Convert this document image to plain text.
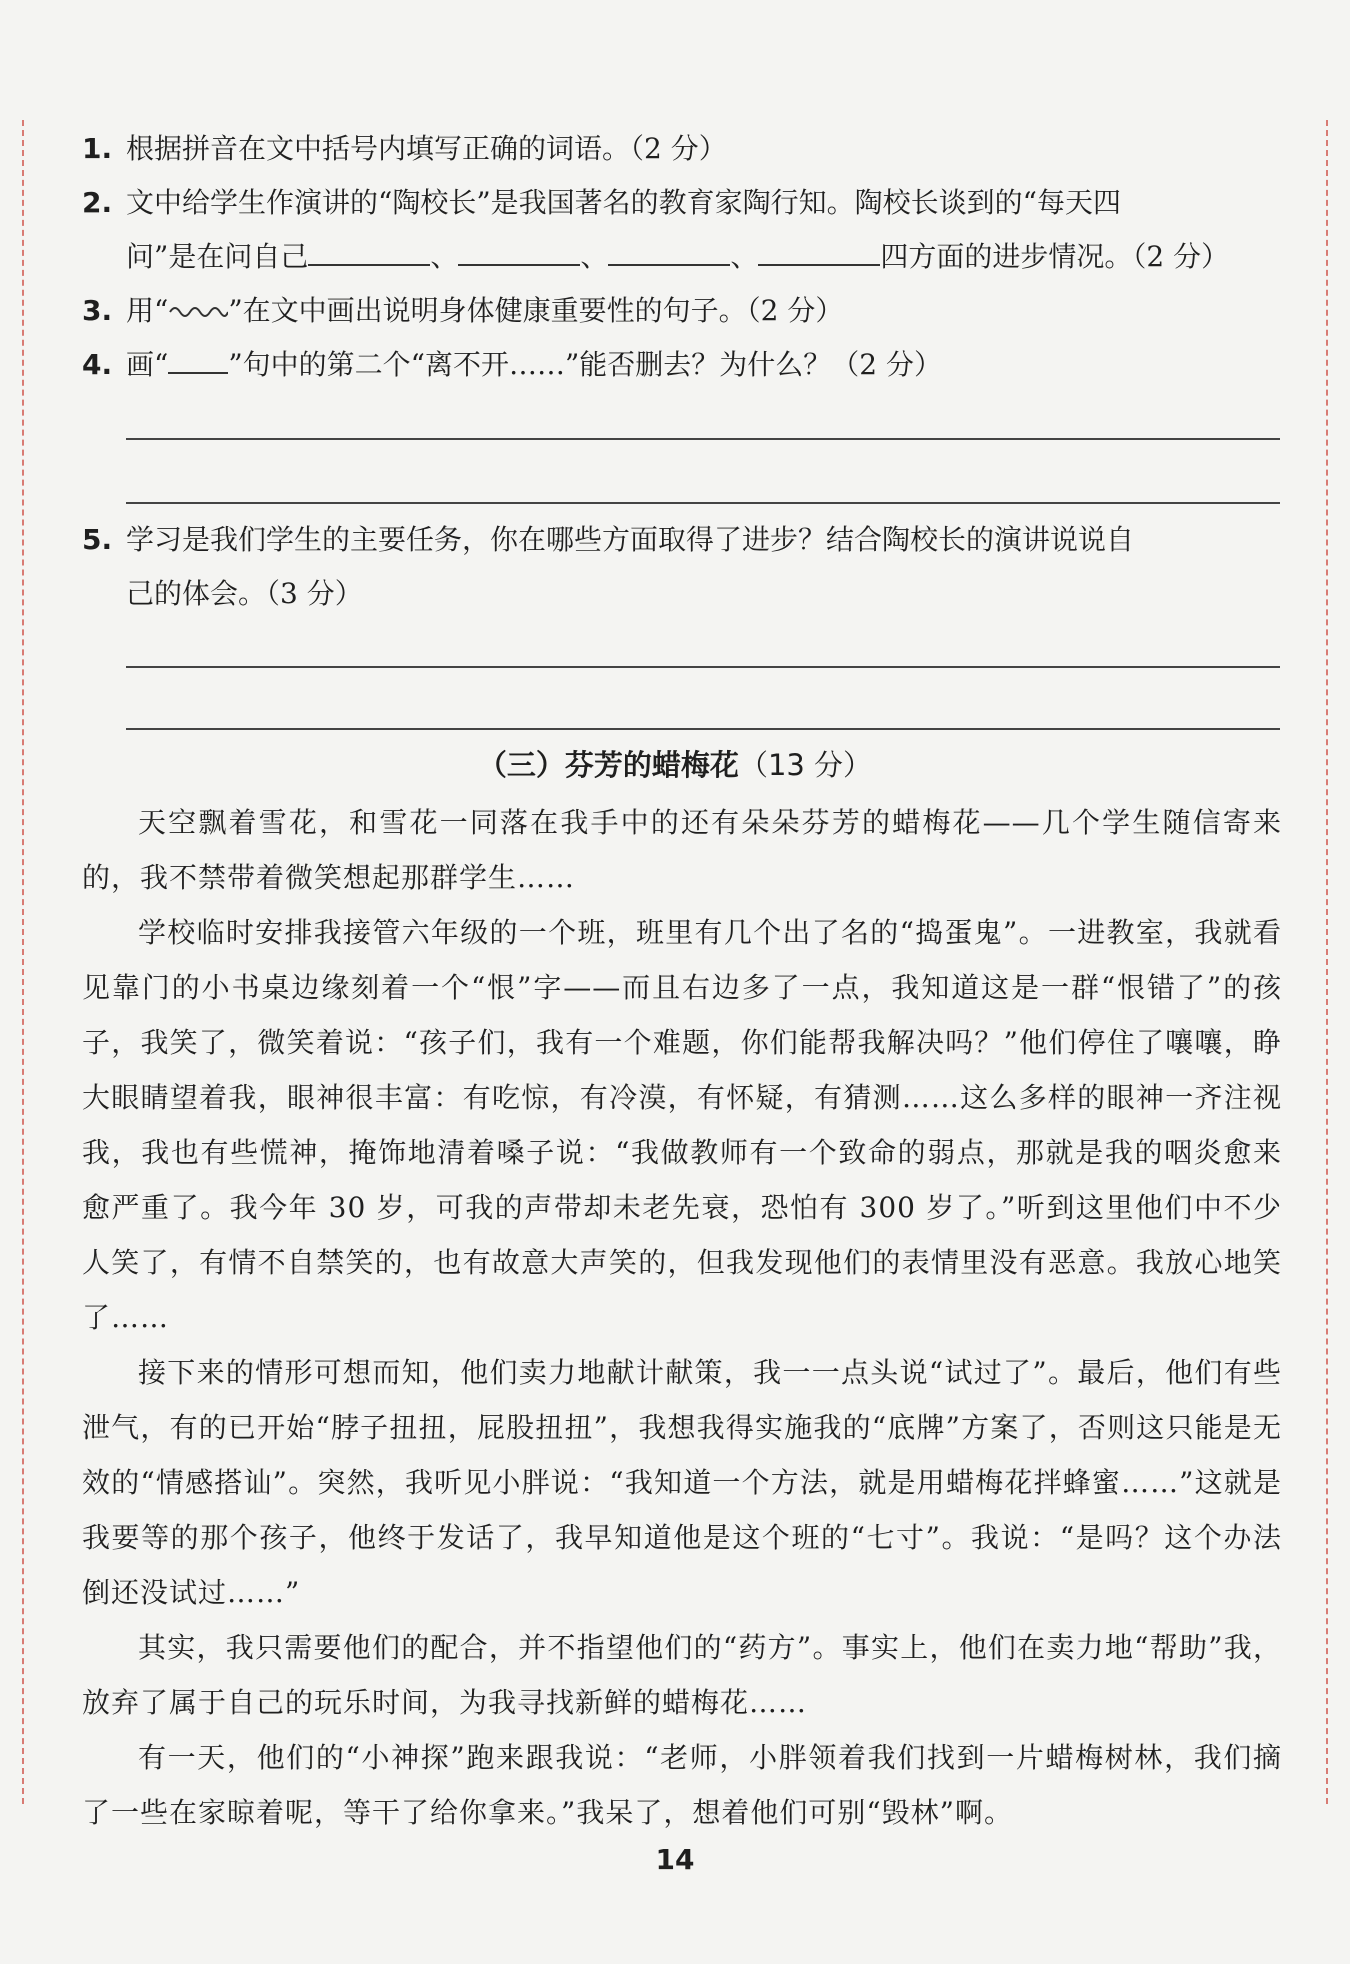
1. 根据拼音在文中括号内填写正确的词语。（2 分）
2. 文中给学生作演讲的“陶校长”是我国著名的教育家陶行知。陶校长谈到的“每天四
问”是在问自己	、	、	、	四方面的进步情况。（2 分）
3. 用“ ”在文中画出说明身体健康重要性的句子。（2 分）
4. 画“ ”句中的第二个“离不开……”能否删去？为什么？（2 分）
5. 学习是我们学生的主要任务，你在哪些方面取得了进步？结合陶校长的演讲说说自
己的体会。（3 分）
（三）芬芳的蜡梅花（13 分）

天空飘着雪花，和雪花一同落在我手中的还有朵朵芬芳的蜡梅花——几个学生随信寄来的，我不禁带着微笑想起那群学生……

学校临时安排我接管六年级的一个班，班里有几个出了名的“捣蛋鬼”。一进教室，我就看见靠门的小书桌边缘刻着一个“恨”字——而且右边多了一点，我知道这是一群“恨错了”的孩子，我笑了，微笑着说：“孩子们，我有一个难题，你们能帮我解决吗？”他们停住了嚷嚷，睁大眼睛望着我，眼神很丰富：有吃惊，有冷漠，有怀疑，有猜测……这么多样的眼神一齐注视我，我也有些慌神，掩饰地清着嗓子说：“我做教师有一个致命的弱点，那就是我的咽炎愈来愈严重了。我今年 30 岁，可我的声带却未老先衰，恐怕有 300 岁了。”听到这里他们中不少人笑了，有情不自禁笑的，也有故意大声笑的，但我发现他们的表情里没有恶意。我放心地笑了……

接下来的情形可想而知，他们卖力地献计献策，我一一点头说“试过了”。最后，他们有些泄气，有的已开始“脖子扭扭，屁股扭扭”，我想我得实施我的“底牌”方案了，否则这只能是无效的“情感搭讪”。突然，我听见小胖说：“我知道一个方法，就是用蜡梅花拌蜂蜜……”这就是我要等的那个孩子，他终于发话了，我早知道他是这个班的“七寸”。我说：“是吗？这个办法倒还没试过……”

其实，我只需要他们的配合，并不指望他们的“药方”。事实上，他们在卖力地“帮助”我，放弃了属于自己的玩乐时间，为我寻找新鲜的蜡梅花……

有一天，他们的“小神探”跑来跟我说：“老师，小胖领着我们找到一片蜡梅树林，我们摘了一些在家晾着呢，等干了给你拿来。”我呆了，想着他们可别“毁林”啊。

14
